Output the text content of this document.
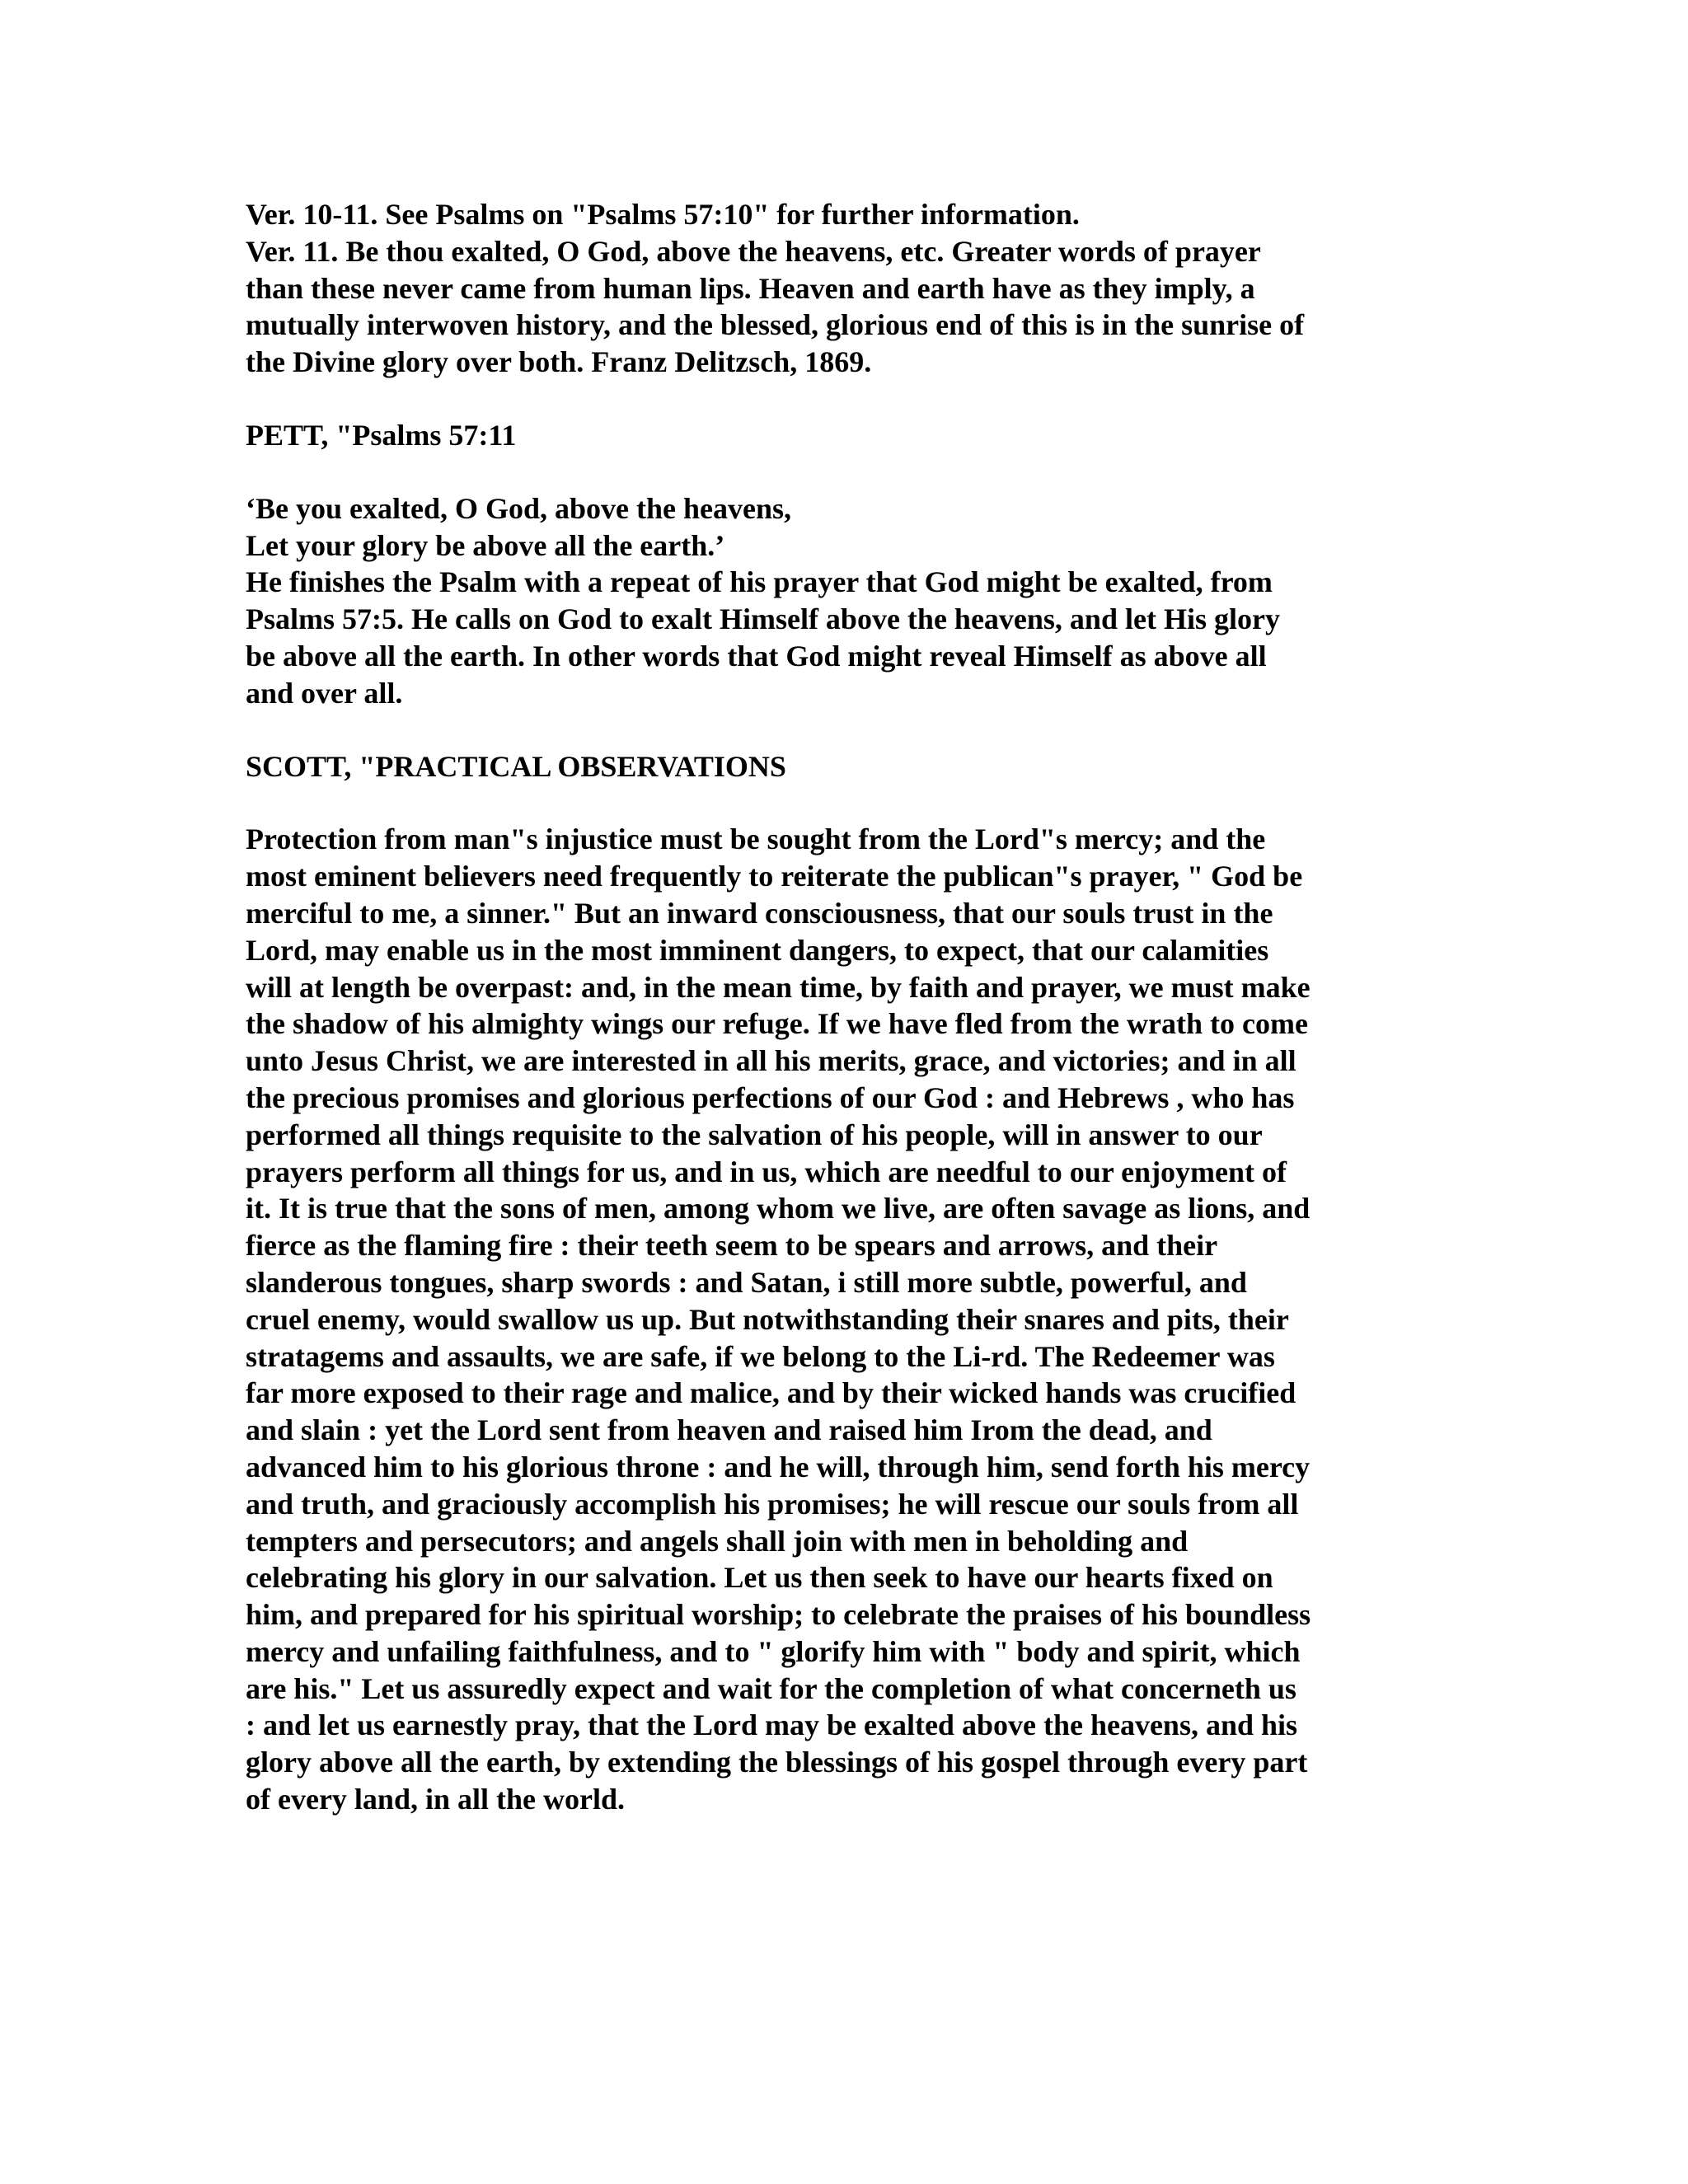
Ver. 10-11. See Psalms on "Psalms 57:10" for further information.
Ver. 11. Be thou exalted, O God, above the heavens, etc. Greater words of prayer
than these never came from human lips. Heaven and earth have as they imply, a
mutually interwoven history, and the blessed, glorious end of this is in the sunrise of
the Divine glory over both. Franz Delitzsch, 1869.
PETT, "Psalms 57:11
‘Be you exalted, O God, above the heavens,
Let your glory be above all the earth.’
He finishes the Psalm with a repeat of his prayer that God might be exalted, from
Psalms 57:5. He calls on God to exalt Himself above the heavens, and let His glory
be above all the earth. In other words that God might reveal Himself as above all
and over all.
SCOTT, "PRACTICAL OBSERVATIONS
Protection from man"s injustice must be sought from the Lord"s mercy; and the
most eminent believers need frequently to reiterate the publican"s prayer, " God be
merciful to me, a sinner." But an inward consciousness, that our souls trust in the
Lord, may enable us in the most imminent dangers, to expect, that our calamities
will at length be overpast: and, in the mean time, by faith and prayer, we must make
the shadow of his almighty wings our refuge. If we have fled from the wrath to come
unto Jesus Christ, we are interested in all his merits, grace, and victories; and in all
the precious promises and glorious perfections of our God : and Hebrews , who has
performed all things requisite to the salvation of his people, will in answer to our
prayers perform all things for us, and in us, which are needful to our enjoyment of
it. It is true that the sons of men, among whom we live, are often savage as lions, and
fierce as the flaming fire : their teeth seem to be spears and arrows, and their
slanderous tongues, sharp swords : and Satan, i still more subtle, powerful, and
cruel enemy, would swallow us up. But notwithstanding their snares and pits, their
stratagems and assaults, we are safe, if we belong to the Li-rd. The Redeemer was
far more exposed to their rage and malice, and by their wicked hands was crucified
and slain : yet the Lord sent from heaven and raised him Irom the dead, and
advanced him to his glorious throne : and he will, through him, send forth his mercy
and truth, and graciously accomplish his promises; he will rescue our souls from all
tempters and persecutors; and angels shall join with men in beholding and
celebrating his glory in our salvation. Let us then seek to have our hearts fixed on
him, and prepared for his spiritual worship; to celebrate the praises of his boundless
mercy and unfailing faithfulness, and to " glorify him with " body and spirit, which
are his." Let us assuredly expect and wait for the completion of what concerneth us
: and let us earnestly pray, that the Lord may be exalted above the heavens, and his
glory above all the earth, by extending the blessings of his gospel through every part
of every land, in all the world.
